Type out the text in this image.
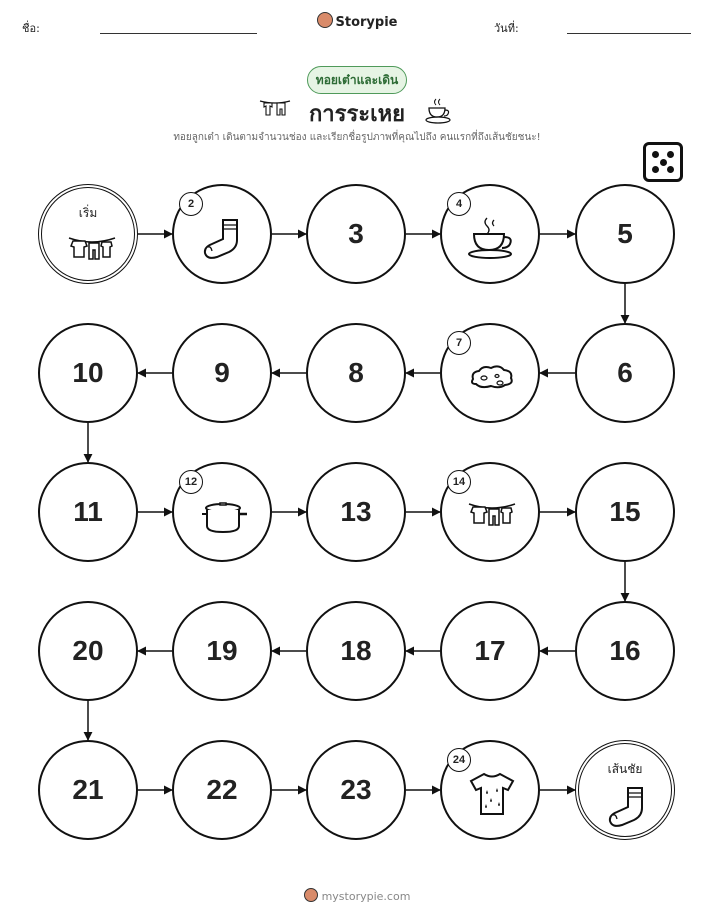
ชื่อ:	Storypie	วันที่:
ทอยเต๋าและเดิน
การระเหย
ทอยลูกเต๋า เดินตามจำนวนช่อง และเรียกชื่อรูปภาพที่คุณไปถึง คนแรกที่ถึงเส้นชัยชนะ!
เริ่ม
2
3
4
5
6
7
8
9
10
11
12
13
14
15
16
17
18
19
20
21	22	23
24
เส้นชัย
mystorypie.com
